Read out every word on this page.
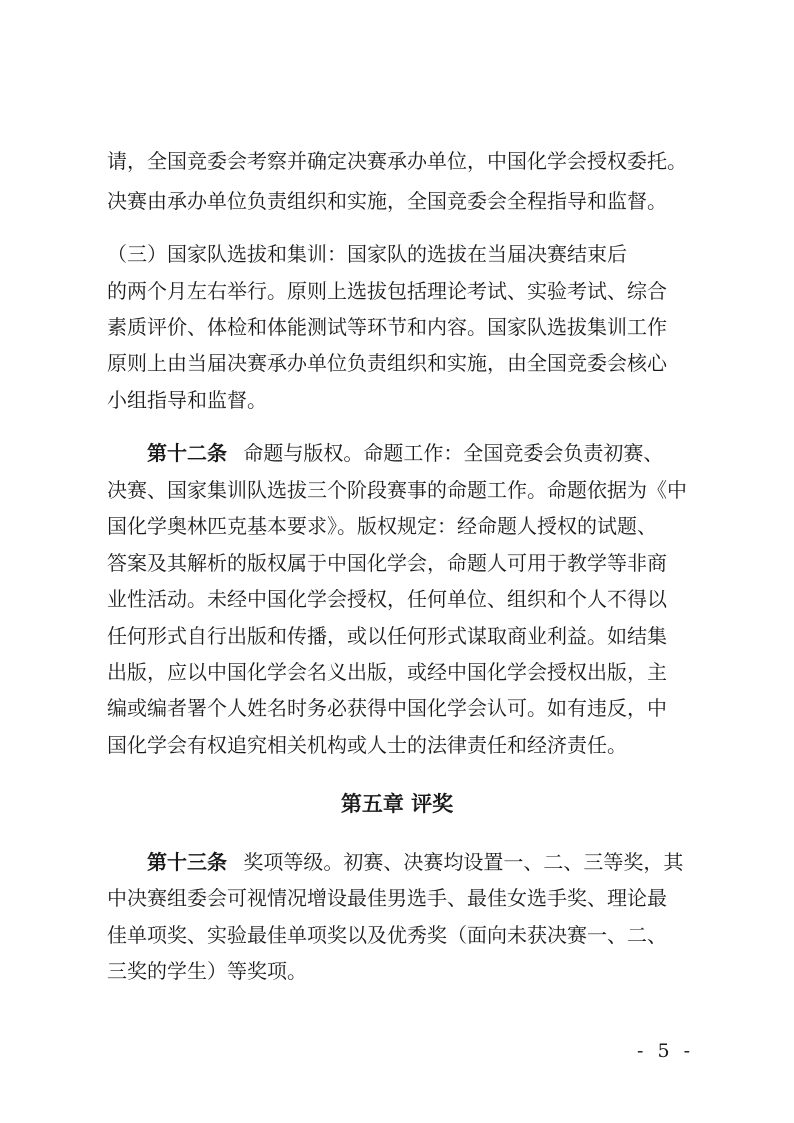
请，全国竞委会考察并确定决赛承办单位，中国化学会授权委托。
决赛由承办单位负责组织和实施，全国竞委会全程指导和监督。
（三）国家队选拔和集训：国家队的选拔在当届决赛结束后
的两个月左右举行。原则上选拔包括理论考试、实验考试、综合
素质评价、体检和体能测试等环节和内容。国家队选拔集训工作
原则上由当届决赛承办单位负责组织和实施，由全国竞委会核心
小组指导和监督。
第十二条 命题与版权。命题工作：全国竞委会负责初赛、
决赛、国家集训队选拔三个阶段赛事的命题工作。命题依据为《中
国化学奥林匹克基本要求》。版权规定：经命题人授权的试题、
答案及其解析的版权属于中国化学会，命题人可用于教学等非商
业性活动。未经中国化学会授权，任何单位、组织和个人不得以
任何形式自行出版和传播，或以任何形式谋取商业利益。如结集
出版，应以中国化学会名义出版，或经中国化学会授权出版，主
编或编者署个人姓名时务必获得中国化学会认可。如有违反，中
国化学会有权追究相关机构或人士的法律责任和经济责任。
第五章 评奖
第十三条 奖项等级。初赛、决赛均设置一、二、三等奖，其
中决赛组委会可视情况增设最佳男选手、最佳女选手奖、理论最
佳单项奖、实验最佳单项奖以及优秀奖（面向未获决赛一、二、
三奖的学生）等奖项。
- 5 -
